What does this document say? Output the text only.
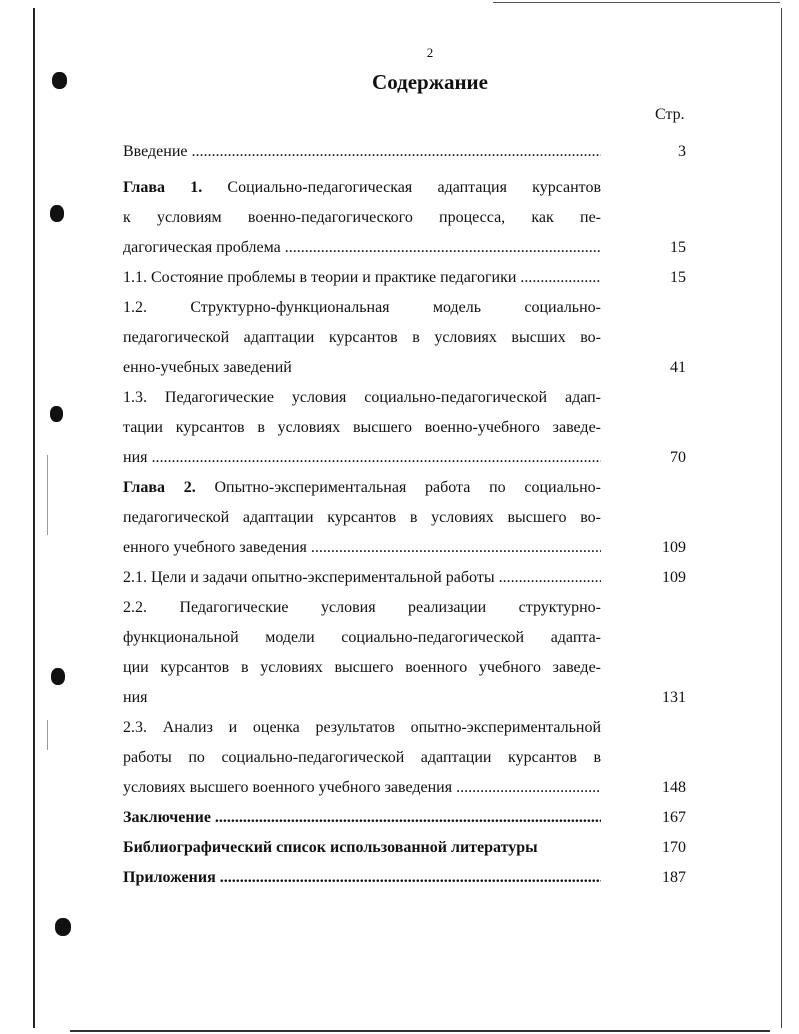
2
Содержание
Стр.
Введение .....	3
Глава 1. Социально-педагогическая адаптация курсантов
к условиям военно-педагогического процесса, как пе-
дагогическая проблема .....	15
1.1. Состояние проблемы в теории и практике педагогики .....	15
1.2. Структурно-функциональная модель социально-
педагогической адаптации курсантов в условиях высших во-
енно-учебных заведений	41
1.3. Педагогические условия социально-педагогической адап-
тации курсантов в условиях высшего военно-учебного заведе-
ния .....	70
Глава 2. Опытно-экспериментальная работа по социально-
педагогической адаптации курсантов в условиях высшего во-
енного учебного заведения .....	109
2.1. Цели и задачи опытно-экспериментальной работы .....	109
2.2. Педагогические условия реализации структурно-
функциональной модели социально-педагогической адапта-
ции курсантов в условиях высшего военного учебного заведе-
ния	131
2.3. Анализ и оценка результатов опытно-экспериментальной
работы по социально-педагогической адаптации курсантов в
условиях высшего военного учебного заведения .....	148
Заключение .....	167
Библиографический список использованной литературы	170
Приложения .....	187
